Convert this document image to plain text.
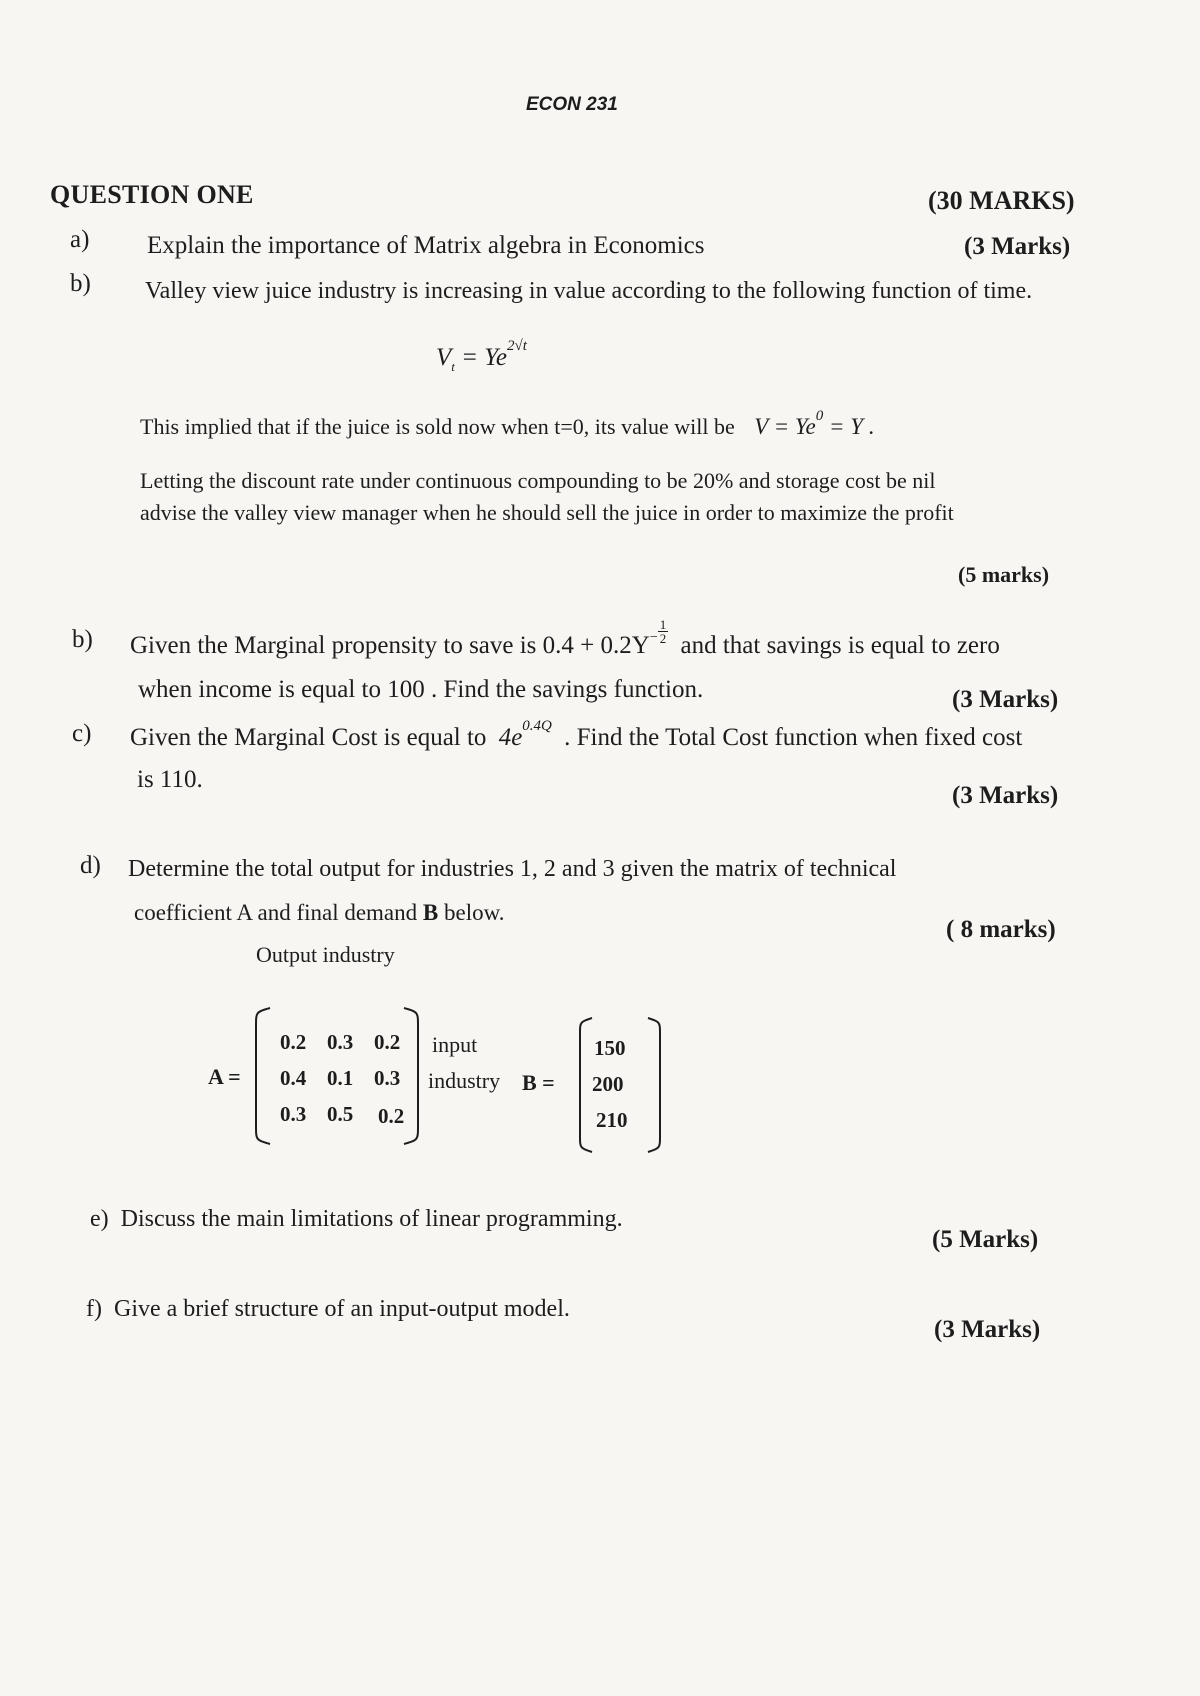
ECON 231
QUESTION ONE	(30 MARKS)
a) Explain the importance of Matrix algebra in Economics	(3 Marks)
b) Valley view juice industry is increasing in value according to the following function of time.
$V_t = Ye^{2√t}$
This implied that if the juice is sold now when t=0, its value will be $V = Ye^0 = Y$ .
Letting the discount rate under continuous compounding to be 20% and storage cost be nil
advise the valley view manager when he should sell the juice in order to maximize the profit
(5 marks)
b) Given the Marginal propensity to save is $0.4 + 0.2Y^- \frac{1}{2}$
and that savings is equal to zero
when income is equal to 100 . Find the savings function.	(3 Marks)
c) Given the Marginal Cost is equal to $4e^{0.4Q}$ . Find the Total Cost function when fixed cost
is 110.
(3 Marks)
d) Determine the total output for industries 1, 2 and 3 given the matrix of technical
coefficient A and final demand B below.
( 8 marks)
Output industry
A =
0.2 0.3 0.2
0.4 0.1 0.3
0.3 0.5 0.2
input
industry B =
150
200
210
e) Discuss the main limitations of linear programming.
(5 Marks)
f) Give a brief structure of an input-output model.
(3 Marks)
